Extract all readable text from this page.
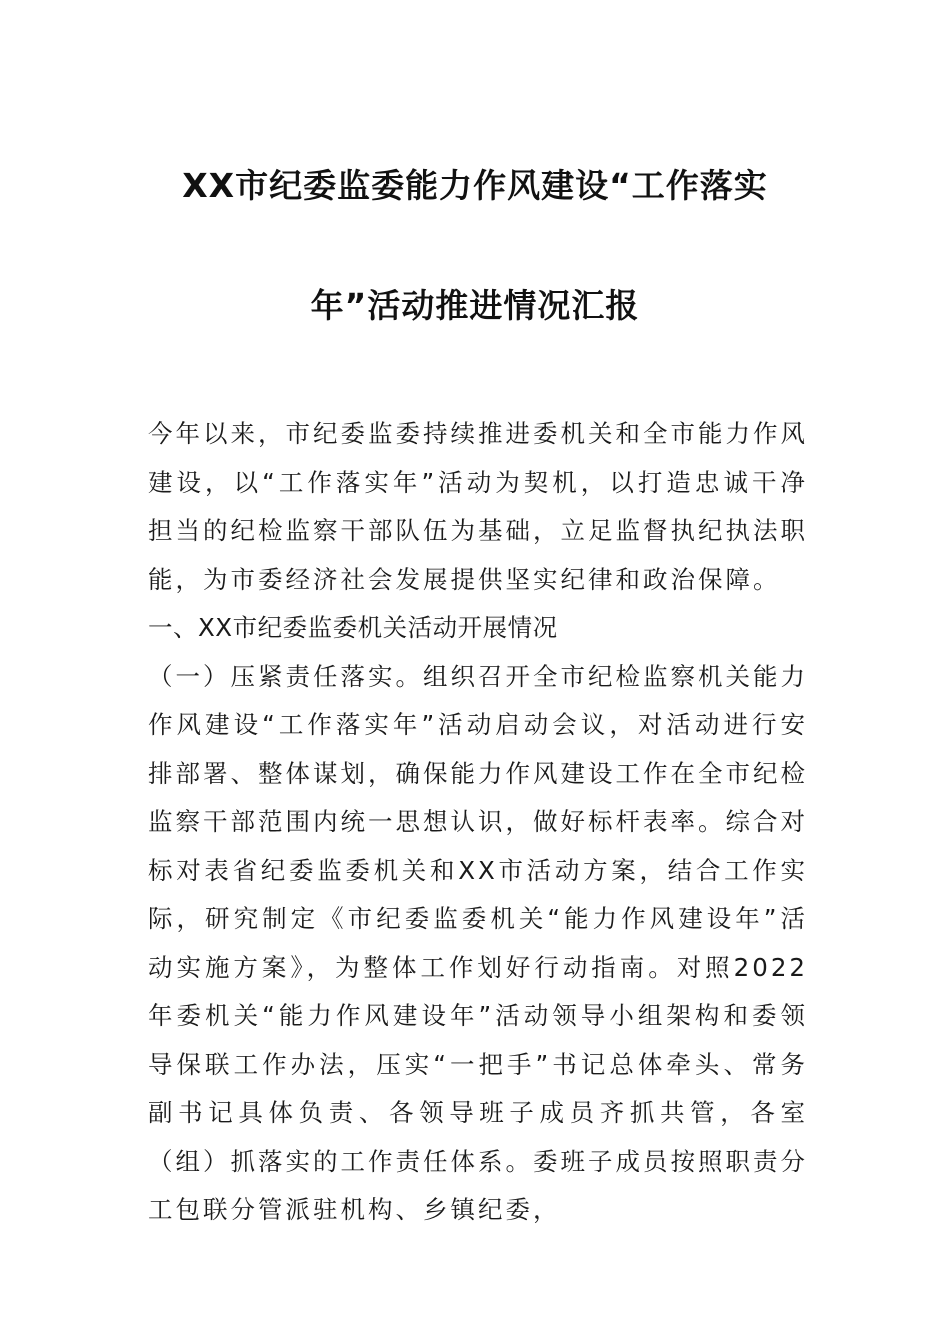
XX市纪委监委能力作风建设“工作落实
年”活动推进情况汇报

今年以来，市纪委监委持续推进委机关和全市能力作风建设，以“工作落实年”活动为契机，以打造忠诚干净担当的纪检监察干部队伍为基础，立足监督执纪执法职能，为市委经济社会发展提供坚实纪律和政治保障。

一、XX市纪委监委机关活动开展情况

（一）压紧责任落实。组织召开全市纪检监察机关能力作风建设“工作落实年”活动启动会议，对活动进行安排部署、整体谋划，确保能力作风建设工作在全市纪检监察干部范围内统一思想认识，做好标杆表率。综合对标对表省纪委监委机关和XX市活动方案，结合工作实际，研究制定《市纪委监委机关“能力作风建设年”活动实施方案》，为整体工作划好行动指南。对照2022年委机关“能力作风建设年”活动领导小组架构和委领导保联工作办法，压实“一把手”书记总体牵头、常务副书记具体负责、各领导班子成员齐抓共管，各室（组）抓落实的工作责任体系。委班子成员按照职责分工包联分管派驻机构、乡镇纪委，
